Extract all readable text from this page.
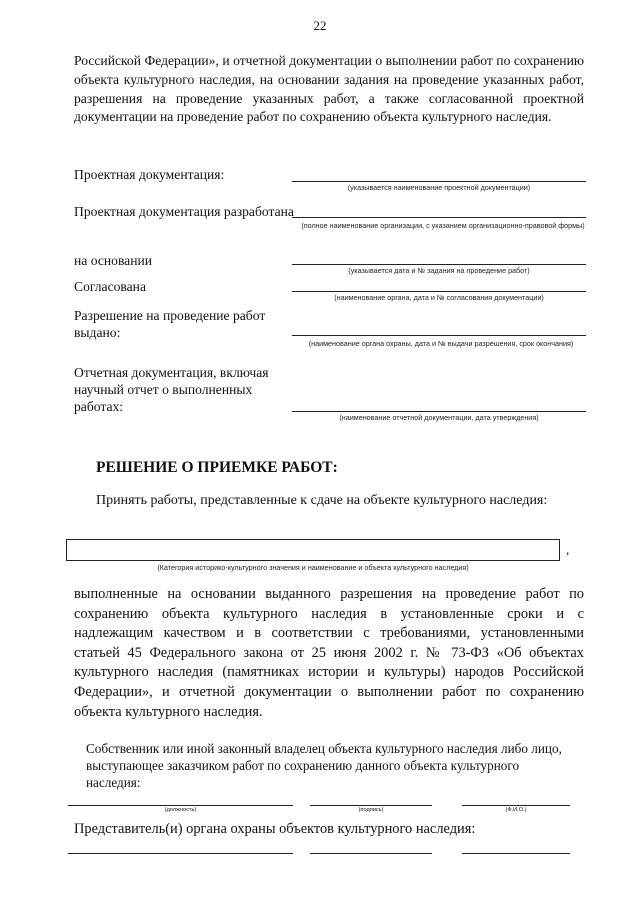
22
Российской Федерации», и отчетной документации о выполнении работ по сохранению объекта культурного наследия, на основании задания на проведение указанных работ, разрешения на проведение указанных работ, а также согласованной проектной документации на проведение работ по сохранению объекта культурного наследия.
Проектная документация:
(указывается наименование проектной документации)
Проектная документация разработана
(полное наименование организации, с указанием организационно-правовой формы)
на основании
(указывается дата и № задания на проведение работ)
Согласована
(наименование органа, дата и № согласования документации)
Разрешение на проведение работ выдано:
(наименование органа охраны, дата и № выдачи разрешения, срок окончания)
Отчетная документация, включая научный отчет о выполненных работах:
(наименование отчетной документации, дата утверждения)
РЕШЕНИЕ О ПРИЕМКЕ РАБОТ:
Принять работы, представленные к сдаче на объекте культурного наследия:
,
(Категория историко-культурного значения и наименование и объекта культурного наследия)
выполненные на основании выданного разрешения на проведение работ по сохранению объекта культурного наследия в установленные сроки и с надлежащим качеством и в соответствии с требованиями, установленными статьей 45 Федерального закона от 25 июня 2002 г. № 73-ФЗ «Об объектах культурного наследия (памятниках истории и культуры) народов Российской Федерации», и отчетной документации о выполнении работ по сохранению объекта культурного наследия.
Собственник или иной законный владелец объекта культурного наследия либо лицо, выступающее заказчиком работ по сохранению данного объекта культурного наследия:
(должность)	(подпись)	(Ф.И.О.)
Представитель(и) органа охраны объектов культурного наследия:
